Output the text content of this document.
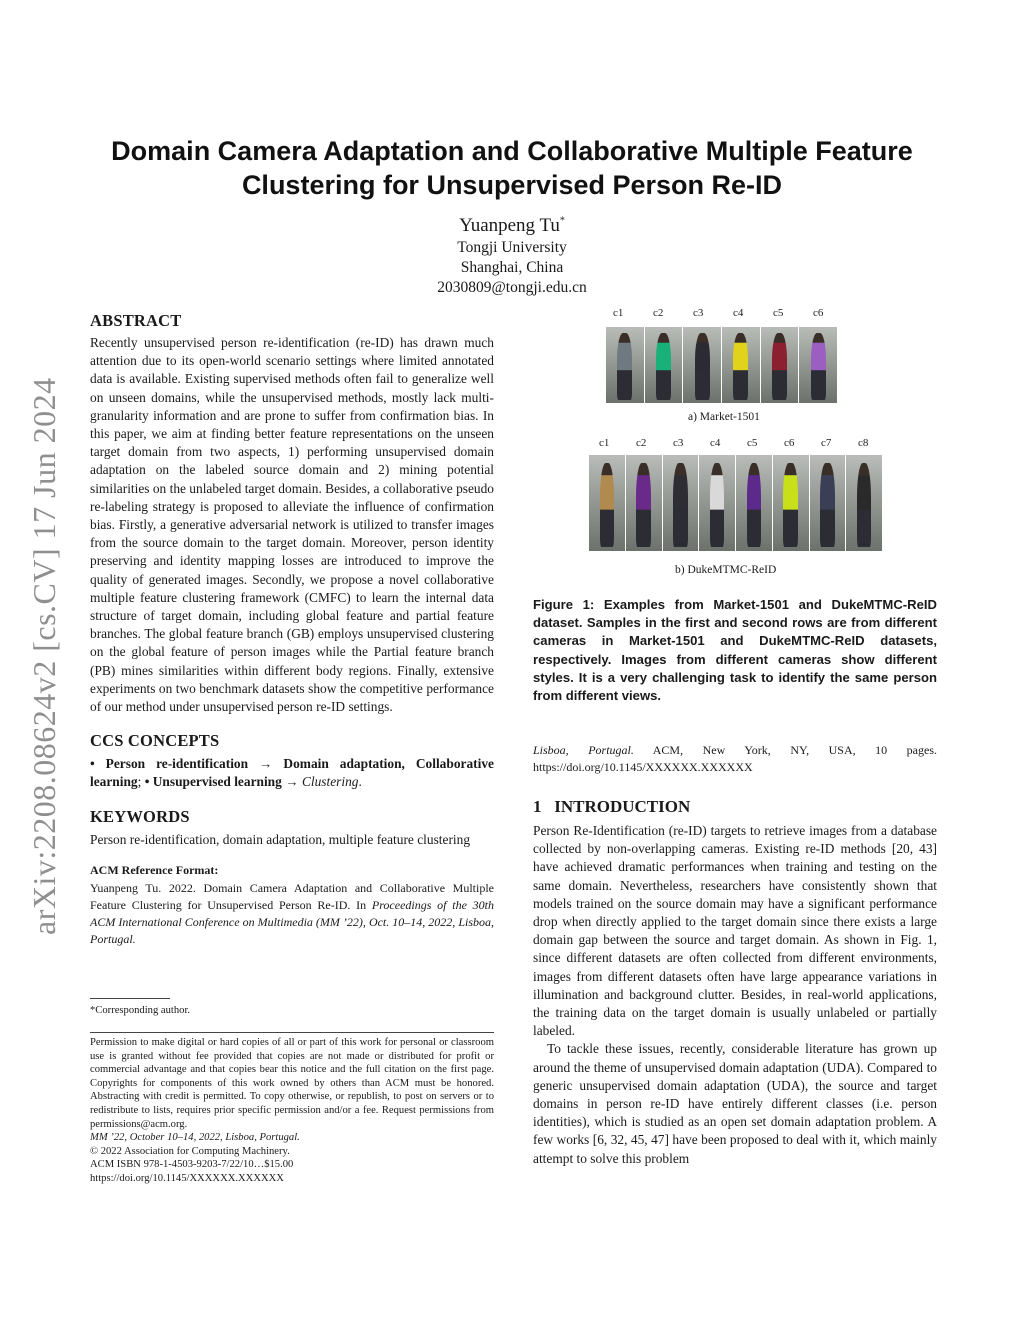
arXiv:2208.08624v2 [cs.CV] 17 Jun 2024
Domain Camera Adaptation and Collaborative Multiple Feature Clustering for Unsupervised Person Re-ID
Yuanpeng Tu*
Tongji University
Shanghai, China
2030809@tongji.edu.cn
ABSTRACT

Recently unsupervised person re-identification (re-ID) has drawn much attention due to its open-world scenario settings where limited annotated data is available. Existing supervised methods often fail to generalize well on unseen domains, while the unsupervised methods, mostly lack multi-granularity information and are prone to suffer from confirmation bias. In this paper, we aim at finding better feature representations on the unseen target domain from two aspects, 1) performing unsupervised domain adaptation on the labeled source domain and 2) mining potential similarities on the unlabeled target domain. Besides, a collaborative pseudo re-labeling strategy is proposed to alleviate the influence of confirmation bias. Firstly, a generative adversarial network is utilized to transfer images from the source domain to the target domain. Moreover, person identity preserving and identity mapping losses are introduced to improve the quality of generated images. Secondly, we propose a novel collaborative multiple feature clustering framework (CMFC) to learn the internal data structure of target domain, including global feature and partial feature branches. The global feature branch (GB) employs unsupervised clustering on the global feature of person images while the Partial feature branch (PB) mines similarities within different body regions. Finally, extensive experiments on two benchmark datasets show the competitive performance of our method under unsupervised person re-ID settings.

CCS CONCEPTS

• Person re-identification → Domain adaptation, Collaborative learning; • Unsupervised learning → Clustering.

KEYWORDS

Person re-identification, domain adaptation, multiple feature clustering

ACM Reference Format:

Yuanpeng Tu. 2022. Domain Camera Adaptation and Collaborative Multiple Feature Clustering for Unsupervised Person Re-ID. In Proceedings of the 30th ACM International Conference on Multimedia (MM ’22), Oct. 10–14, 2022, Lisboa, Portugal.

*Corresponding author.

Permission to make digital or hard copies of all or part of this work for personal or classroom use is granted without fee provided that copies are not made or distributed for profit or commercial advantage and that copies bear this notice and the full citation on the first page. Copyrights for components of this work owned by others than ACM must be honored. Abstracting with credit is permitted. To copy otherwise, or republish, to post on servers or to redistribute to lists, requires prior specific permission and/or a fee. Request permissions from permissions@acm.org.

MM ’22, October 10–14, 2022, Lisboa, Portugal.

© 2022 Association for Computing Machinery.

ACM ISBN 978-1-4503-9203-7/22/10…$15.00

https://doi.org/10.1145/XXXXXX.XXXXXX

c1	c2	c3	c4	c5	c6
a) Market-1501
c1 c2 c3 c4 c5 c6 c7 c8
b) DukeMTMC-ReID

Figure 1: Examples from Market-1501 and DukeMTMC-ReID dataset. Samples in the first and second rows are from different cameras in Market-1501 and DukeMTMC-ReID datasets, respectively. Images from different cameras show different styles. It is a very challenging task to identify the same person from different views.

Lisboa, Portugal. ACM, New York, NY, USA, 10 pages. https://doi.org/10.1145/XXXXXX.XXXXXX

1 INTRODUCTION

Person Re-Identification (re-ID) targets to retrieve images from a database collected by non-overlapping cameras. Existing re-ID methods [20, 43] have achieved dramatic performances when training and testing on the same domain. Nevertheless, researchers have consistently shown that models trained on the source domain may have a significant performance drop when directly applied to the target domain since there exists a large domain gap between the source and target domain. As shown in Fig. 1, since different datasets are often collected from different environments, images from different datasets often have large appearance variations in illumination and background clutter. Besides, in real-world applications, the training data on the target domain is usually unlabeled or partially labeled.

To tackle these issues, recently, considerable literature has grown up around the theme of unsupervised domain adaptation (UDA). Compared to generic unsupervised domain adaptation (UDA), the source and target domains in person re-ID have entirely different classes (i.e. person identities), which is studied as an open set domain adaptation problem. A few works [6, 32, 45, 47] have been proposed to deal with it, which mainly attempt to solve this problem
